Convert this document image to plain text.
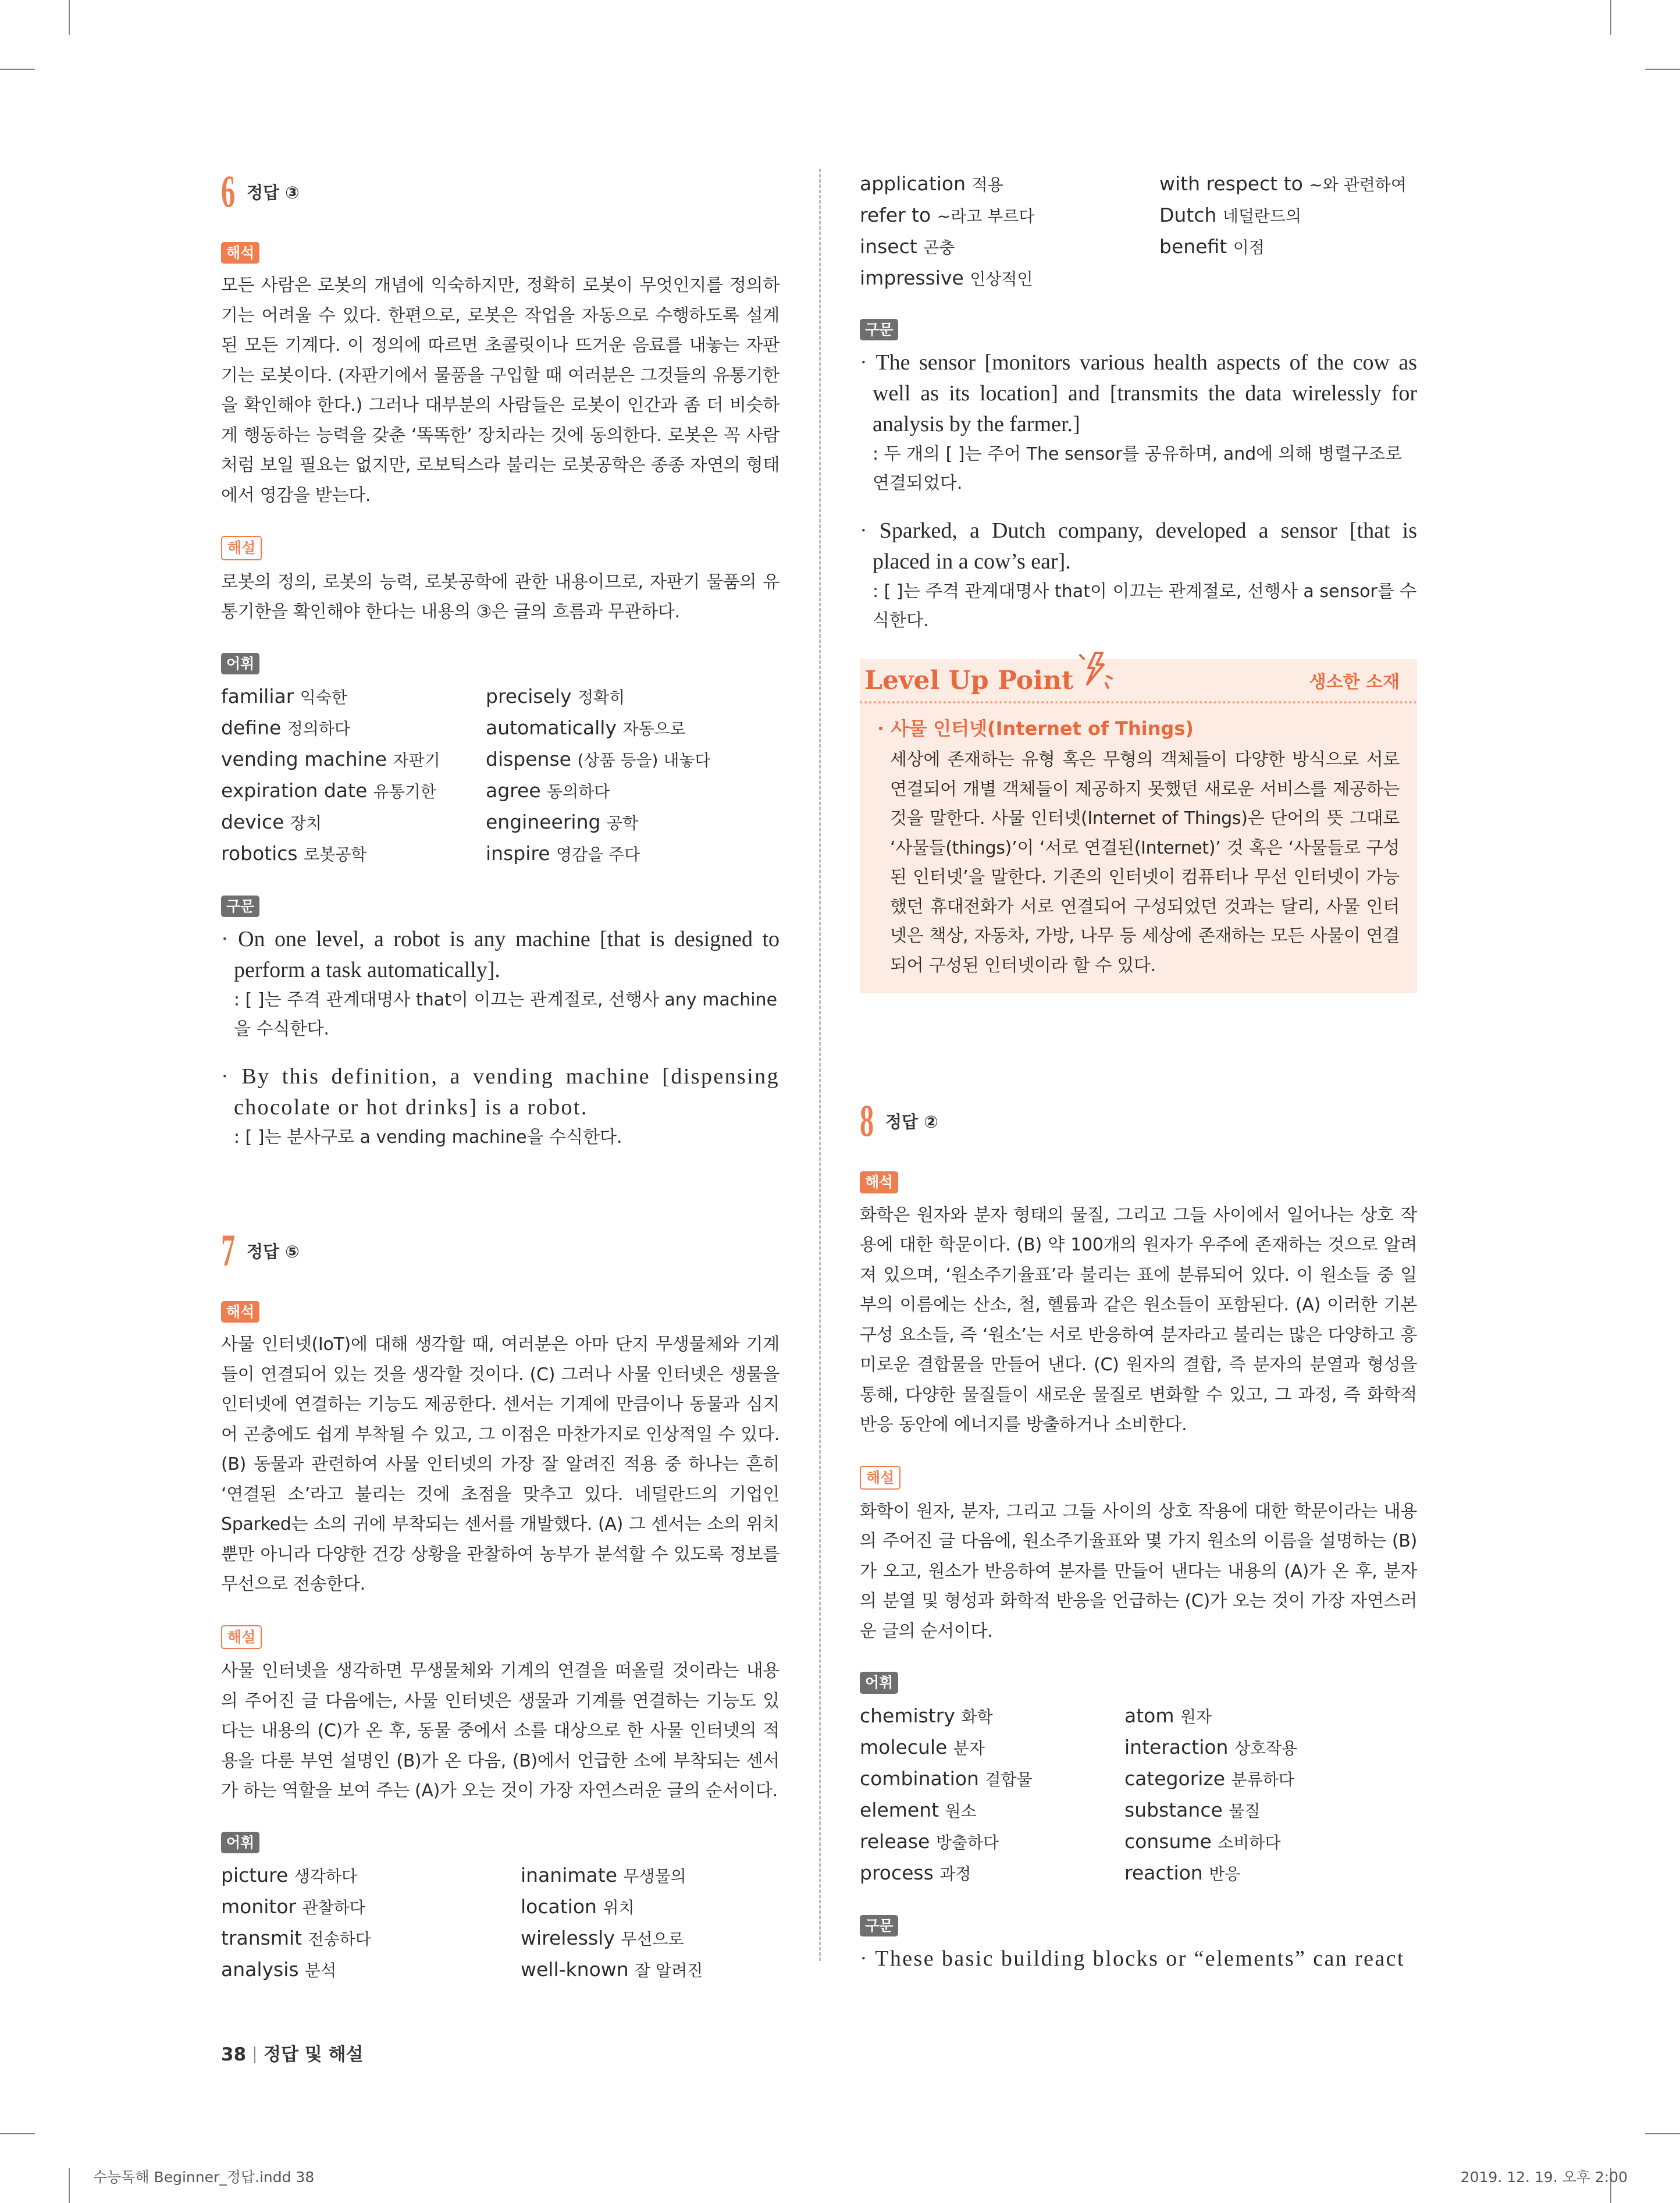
6 정답 ③
해석

모든 사람은 로봇의 개념에 익숙하지만, 정확히 로봇이 무엇인지를 정의하기는 어려울 수 있다. 한편으로, 로봇은 작업을 자동으로 수행하도록 설계된 모든 기계다. 이 정의에 따르면 초콜릿이나 뜨거운 음료를 내놓는 자판기는 로봇이다. (자판기에서 물품을 구입할 때 여러분은 그것들의 유통기한을 확인해야 한다.) 그러나 대부분의 사람들은 로봇이 인간과 좀 더 비슷하게 행동하는 능력을 갖춘 ‘똑똑한’ 장치라는 것에 동의한다. 로봇은 꼭 사람처럼 보일 필요는 없지만, 로보틱스라 불리는 로봇공학은 종종 자연의 형태에서 영감을 받는다.

해설

로봇의 정의, 로봇의 능력, 로봇공학에 관한 내용이므로, 자판기 물품의 유통기한을 확인해야 한다는 내용의 ③은 글의 흐름과 무관하다.

어휘
familiar 익숙한	precisely 정확히
define 정의하다	automatically 자동으로
vending machine 자판기	dispense (상품 등을) 내놓다
expiration date 유통기한	agree 동의하다
device 장치	engineering 공학
robotics 로봇공학	inspire 영감을 주다
구문
· On one level, a robot is any machine [that is designed to perform a task automatically].
: [ ]는 주격 관계대명사 that이 이끄는 관계절로, 선행사 any machine을 수식한다.
· By this definition, a vending machine [dispensing chocolate or hot drinks] is a robot.
: [ ]는 분사구로 a vending machine을 수식한다.
7 정답 ⑤
해석

사물 인터넷(IoT)에 대해 생각할 때, 여러분은 아마 단지 무생물체와 기계들이 연결되어 있는 것을 생각할 것이다. (C) 그러나 사물 인터넷은 생물을 인터넷에 연결하는 기능도 제공한다. 센서는 기계에 만큼이나 동물과 심지어 곤충에도 쉽게 부착될 수 있고, 그 이점은 마찬가지로 인상적일 수 있다. (B) 동물과 관련하여 사물 인터넷의 가장 잘 알려진 적용 중 하나는 흔히 ‘연결된 소’라고 불리는 것에 초점을 맞추고 있다. 네덜란드의 기업인 Sparked는 소의 귀에 부착되는 센서를 개발했다. (A) 그 센서는 소의 위치뿐만 아니라 다양한 건강 상황을 관찰하여 농부가 분석할 수 있도록 정보를 무선으로 전송한다.

해설

사물 인터넷을 생각하면 무생물체와 기계의 연결을 떠올릴 것이라는 내용의 주어진 글 다음에는, 사물 인터넷은 생물과 기계를 연결하는 기능도 있다는 내용의 (C)가 온 후, 동물 중에서 소를 대상으로 한 사물 인터넷의 적용을 다룬 부연 설명인 (B)가 온 다음, (B)에서 언급한 소에 부착되는 센서가 하는 역할을 보여 주는 (A)가 오는 것이 가장 자연스러운 글의 순서이다.

어휘
picture 생각하다	inanimate 무생물의
monitor 관찰하다	location 위치
transmit 전송하다	wirelessly 무선으로
analysis 분석	well-known 잘 알려진
application 적용	with respect to ~와 관련하여
refer to ~라고 부르다	Dutch 네덜란드의
insect 곤충	benefit 이점
impressive 인상적인
구문
· The sensor [monitors various health aspects of the cow as well as its location] and [transmits the data wirelessly for analysis by the farmer.]
: 두 개의 [ ]는 주어 The sensor를 공유하며, and에 의해 병렬구조로 연결되었다.
· Sparked, a Dutch company, developed a sensor [that is placed in a cow’s ear].
: [ ]는 주격 관계대명사 that이 이끄는 관계절로, 선행사 a sensor를 수식한다.
Level Up Point	생소한 소재
· 사물 인터넷(Internet of Things)
세상에 존재하는 유형 혹은 무형의 객체들이 다양한 방식으로 서로 연결되어 개별 객체들이 제공하지 못했던 새로운 서비스를 제공하는 것을 말한다. 사물 인터넷(Internet of Things)은 단어의 뜻 그대로 ‘사물들(things)’이 ‘서로 연결된(Internet)’ 것 혹은 ‘사물들로 구성된 인터넷’을 말한다. 기존의 인터넷이 컴퓨터나 무선 인터넷이 가능했던 휴대전화가 서로 연결되어 구성되었던 것과는 달리, 사물 인터넷은 책상, 자동차, 가방, 나무 등 세상에 존재하는 모든 사물이 연결되어 구성된 인터넷이라 할 수 있다.
8 정답 ②
해석

화학은 원자와 분자 형태의 물질, 그리고 그들 사이에서 일어나는 상호 작용에 대한 학문이다. (B) 약 100개의 원자가 우주에 존재하는 것으로 알려져 있으며, ‘원소주기율표’라 불리는 표에 분류되어 있다. 이 원소들 중 일부의 이름에는 산소, 철, 헬륨과 같은 원소들이 포함된다. (A) 이러한 기본 구성 요소들, 즉 ‘원소’는 서로 반응하여 분자라고 불리는 많은 다양하고 흥미로운 결합물을 만들어 낸다. (C) 원자의 결합, 즉 분자의 분열과 형성을 통해, 다양한 물질들이 새로운 물질로 변화할 수 있고, 그 과정, 즉 화학적 반응 동안에 에너지를 방출하거나 소비한다.

해설

화학이 원자, 분자, 그리고 그들 사이의 상호 작용에 대한 학문이라는 내용의 주어진 글 다음에, 원소주기율표와 몇 가지 원소의 이름을 설명하는 (B)가 오고, 원소가 반응하여 분자를 만들어 낸다는 내용의 (A)가 온 후, 분자의 분열 및 형성과 화학적 반응을 언급하는 (C)가 오는 것이 가장 자연스러운 글의 순서이다.

어휘
chemistry 화학	atom 원자
molecule 분자	interaction 상호작용
combination 결합물	categorize 분류하다
element 원소	substance 물질
release 방출하다	consume 소비하다
process 과정	reaction 반응
구문
· These basic building blocks or “elements” can react
38 정답 및 해설
수능독해 Beginner_정답.indd 38	2019. 12. 19. 오후 2:00
